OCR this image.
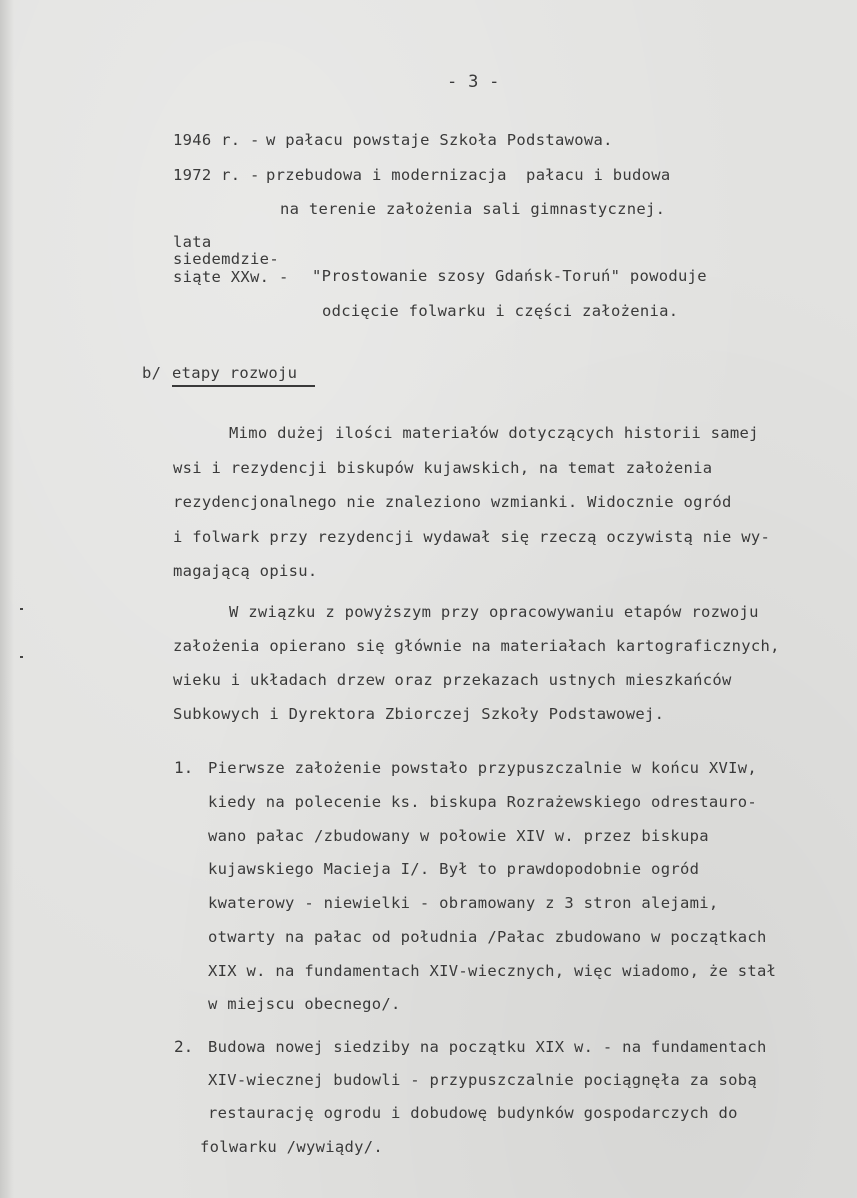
- 3 -
1946 r. - w pałacu powstaje Szkoła Podstawowa.
1972 r. - przebudowa i modernizacja  pałacu i budowa
na terenie założenia sali gimnastycznej.
lata
siedemdzie-
siąte XXw. - "Prostowanie szosy Gdańsk-Toruń" powoduje
odcięcie folwarku i części założenia.
b/ etapy rozwoju
Mimo dużej ilości materiałów dotyczących historii samej
wsi i rezydencji biskupów kujawskich, na temat założenia
rezydencjonalnego nie znaleziono wzmianki. Widocznie ogród
i folwark przy rezydencji wydawał się rzeczą oczywistą nie wy-
magającą opisu.
W związku z powyższym przy opracowywaniu etapów rozwoju
założenia opierano się głównie na materiałach kartograficznych,
wieku i układach drzew oraz przekazach ustnych mieszkańców
Subkowych i Dyrektora Zbiorczej Szkoły Podstawowej.
1. Pierwsze założenie powstało przypuszczalnie w końcu XVIw,
kiedy na polecenie ks. biskupa Rozrażewskiego odrestauro-
wano pałac /zbudowany w połowie XIV w. przez biskupa
kujawskiego Macieja I/. Był to prawdopodobnie ogród
kwaterowy - niewielki - obramowany z 3 stron alejami,
otwarty na pałac od południa /Pałac zbudowano w początkach
XIX w. na fundamentach XIV-wiecznych, więc wiadomo, że stał
w miejscu obecnego/.
2. Budowa nowej siedziby na początku XIX w. - na fundamentach
XIV-wiecznej budowli - przypuszczalnie pociągnęła za sobą
restaurację ogrodu i dobudowę budynków gospodarczych do
folwarku /wywiądy/.
